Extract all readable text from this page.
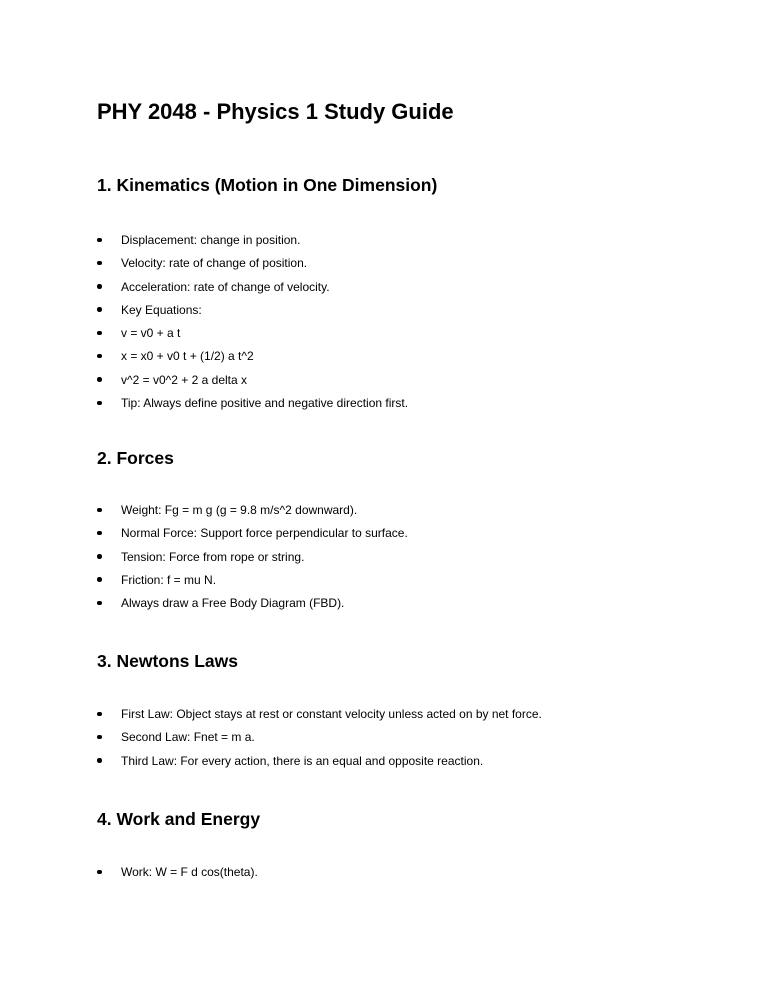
PHY 2048 - Physics 1 Study Guide
1. Kinematics (Motion in One Dimension)
Displacement: change in position.
Velocity: rate of change of position.
Acceleration: rate of change of velocity.
Key Equations:
v = v0 + a t
x = x0 + v0 t + (1/2) a t^2
v^2 = v0^2 + 2 a delta x
Tip: Always define positive and negative direction first.
2. Forces
Weight: Fg = m g (g = 9.8 m/s^2 downward).
Normal Force: Support force perpendicular to surface.
Tension: Force from rope or string.
Friction: f = mu N.
Always draw a Free Body Diagram (FBD).
3. Newtons Laws
First Law: Object stays at rest or constant velocity unless acted on by net force.
Second Law: Fnet = m a.
Third Law: For every action, there is an equal and opposite reaction.
4. Work and Energy
Work: W = F d cos(theta).
